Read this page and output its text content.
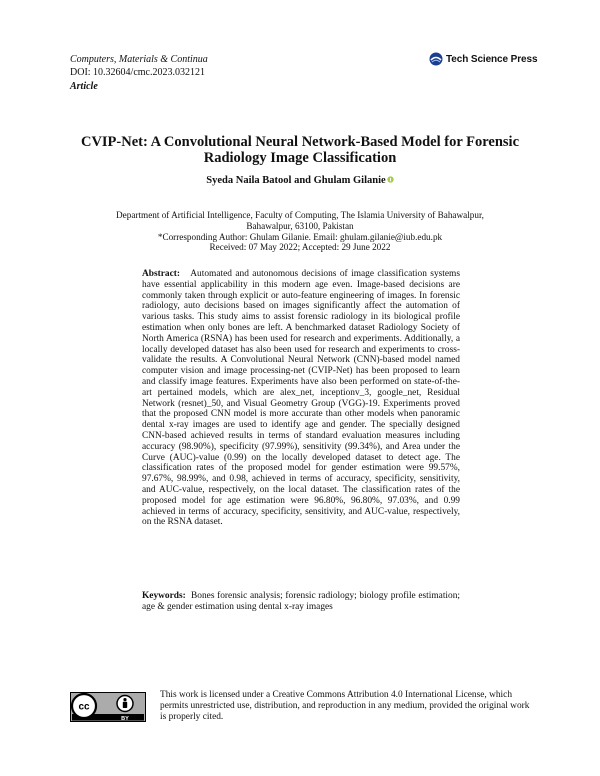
Computers, Materials & Continua
DOI: 10.32604/cmc.2023.032121
Article
Tech Science Press
CVIP-Net: A Convolutional Neural Network-Based Model for Forensic Radiology Image Classification
Syeda Naila Batool and Ghulam Gilanie
Department of Artificial Intelligence, Faculty of Computing, The Islamia University of Bahawalpur,
Bahawalpur, 63100, Pakistan
*Corresponding Author: Ghulam Gilanie. Email: ghulam.gilanie@iub.edu.pk
Received: 07 May 2022; Accepted: 29 June 2022

Abstract: Automated and autonomous decisions of image classification systems have essential applicability in this modern age even. Image-based decisions are commonly taken through explicit or auto-feature engineering of images. In forensic radiology, auto decisions based on images significantly affect the automation of various tasks. This study aims to assist forensic radiology in its biological profile estimation when only bones are left. A benchmarked dataset Radiology Society of North America (RSNA) has been used for research and experiments. Additionally, a locally developed dataset has also been used for research and experiments to cross-validate the results. A Convolutional Neural Network (CNN)-based model named computer vision and image processing-net (CVIP-Net) has been proposed to learn and classify image features. Experiments have also been performed on state-of-the-art pertained models, which are alex_net, inceptionv_3, google_net, Residual Network (resnet)_50, and Visual Geometry Group (VGG)-19. Experiments proved that the proposed CNN model is more accurate than other models when panoramic dental x-ray images are used to identify age and gender. The specially designed CNN-based achieved results in terms of standard evaluation measures including accuracy (98.90%), specificity (97.99%), sensitivity (99.34%), and Area under the Curve (AUC)-value (0.99) on the locally developed dataset to detect age. The classification rates of the proposed model for gender estimation were 99.57%, 97.67%, 98.99%, and 0.98, achieved in terms of accuracy, specificity, sensitivity, and AUC-value, respectively, on the local dataset. The classification rates of the proposed model for age estimation were 96.80%, 96.80%, 97.03%, and 0.99 achieved in terms of accuracy, specificity, sensitivity, and AUC-value, respectively, on the RSNA dataset.

Keywords: Bones forensic analysis; forensic radiology; biology profile estimation; age & gender estimation using dental x-ray images

cc
BY

This work is licensed under a Creative Commons Attribution 4.0 International License, which permits unrestricted use, distribution, and reproduction in any medium, provided the original work is properly cited.
